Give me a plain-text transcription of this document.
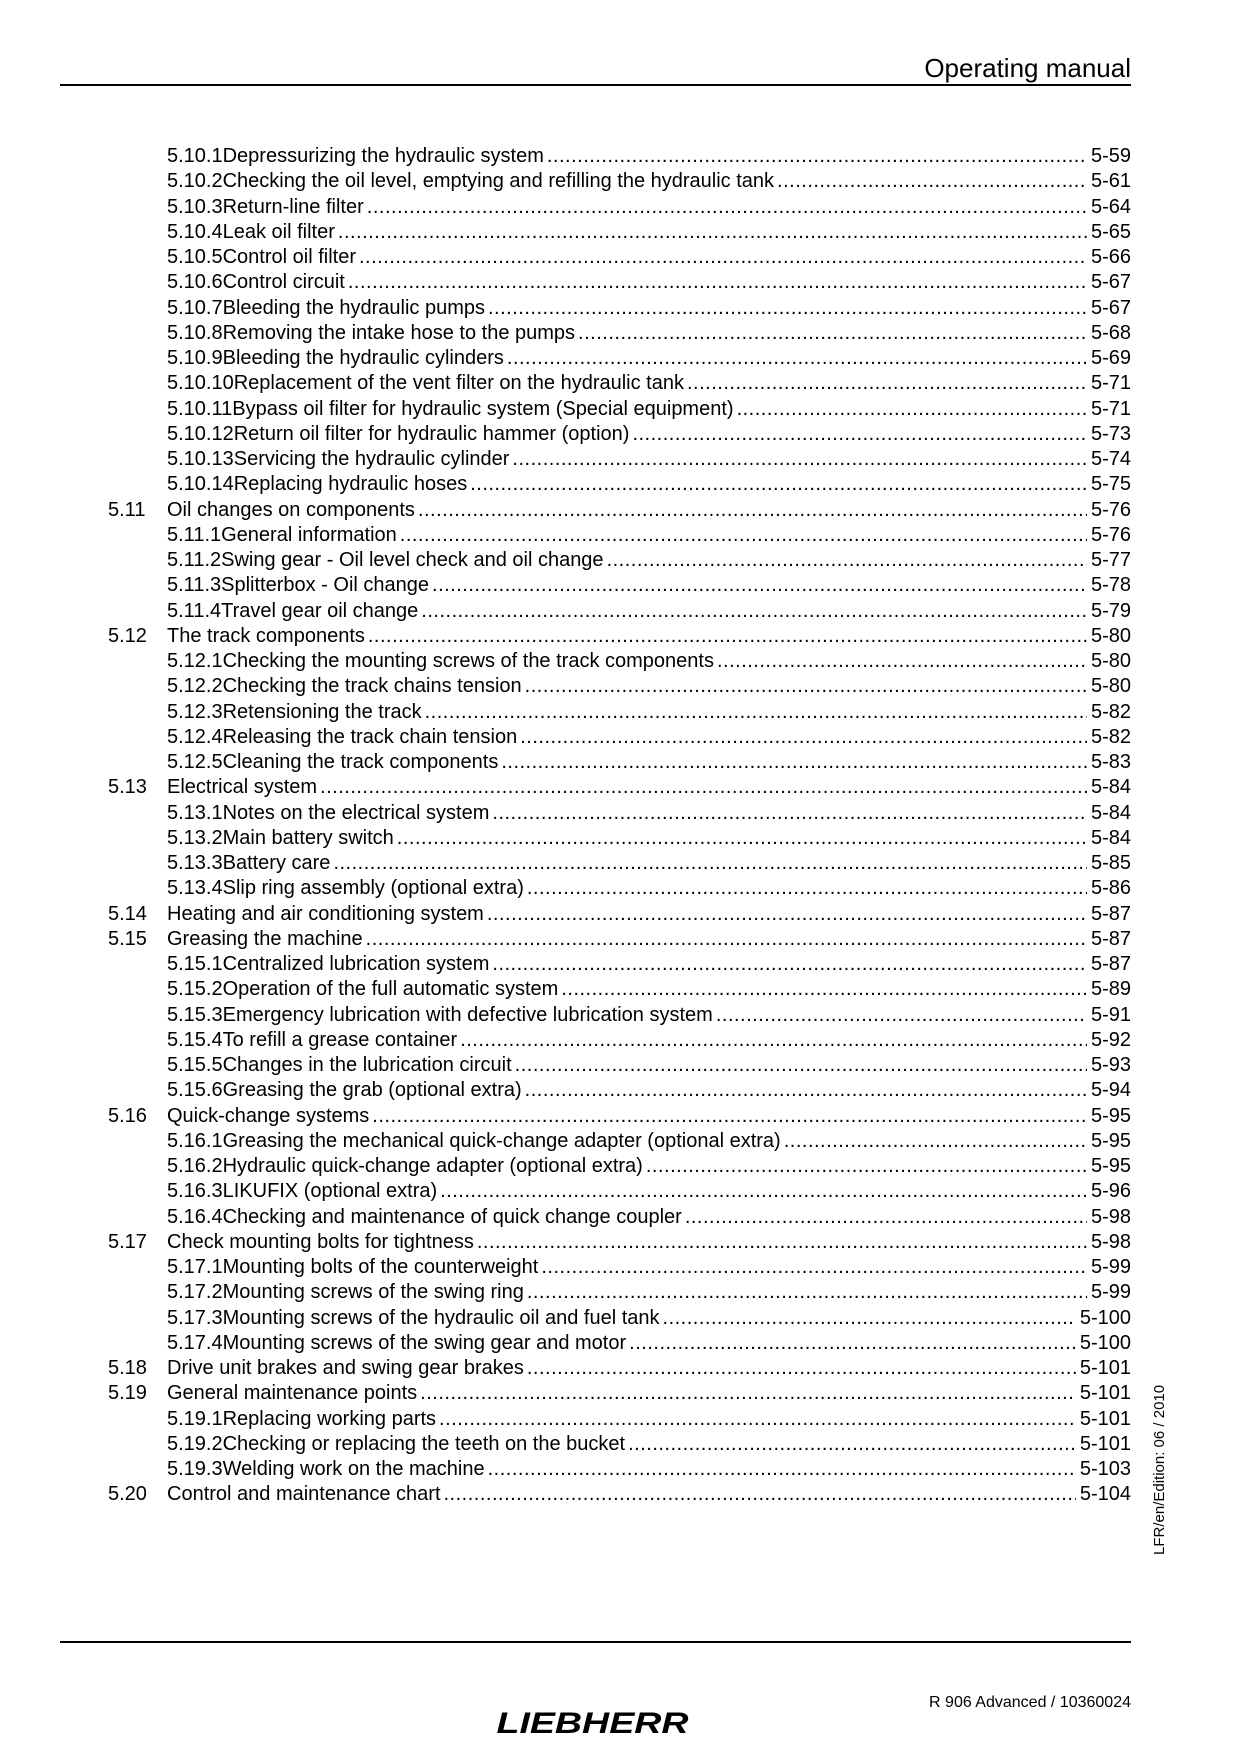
Operating manual
5.10.1 Depressurizing the hydraulic system .....	5-59
5.10.2 Checking the oil level, emptying and refilling the hydraulic tank .....	5-61
5.10.3 Return-line filter .....	5-64
5.10.4 Leak oil filter .....	5-65
5.10.5 Control oil filter .....	5-66
5.10.6 Control circuit .....	5-67
5.10.7 Bleeding the hydraulic pumps .....	5-67
5.10.8 Removing the intake hose to the pumps .....	5-68
5.10.9 Bleeding the hydraulic cylinders .....	5-69
5.10.10 Replacement of the vent filter on the hydraulic tank .....	5-71
5.10.11 Bypass oil filter for hydraulic system (Special equipment) .....	5-71
5.10.12 Return oil filter for hydraulic hammer (option) .....	5-73
5.10.13 Servicing the hydraulic cylinder .....	5-74
5.10.14 Replacing hydraulic hoses .....	5-75
5.11	Oil changes on components .....	5-76
5.11.1 General information .....	5-76
5.11.2 Swing gear - Oil level check and oil change .....	5-77
5.11.3 Splitterbox - Oil change .....	5-78
5.11.4 Travel gear oil change .....	5-79
5.12	The track components .....	5-80
5.12.1 Checking the mounting screws of the track components .....	5-80
5.12.2 Checking the track chains tension .....	5-80
5.12.3 Retensioning the track .....	5-82
5.12.4 Releasing the track chain tension .....	5-82
5.12.5 Cleaning the track components .....	5-83
5.13	Electrical system .....	5-84
5.13.1 Notes on the electrical system .....	5-84
5.13.2 Main battery switch .....	5-84
5.13.3 Battery care .....	5-85
5.13.4 Slip ring assembly (optional extra) .....	5-86
5.14	Heating and air conditioning system .....	5-87
5.15	Greasing the machine .....	5-87
5.15.1 Centralized lubrication system .....	5-87
5.15.2 Operation of the full automatic system .....	5-89
5.15.3 Emergency lubrication with defective lubrication system .....	5-91
5.15.4 To refill a grease container .....	5-92
5.15.5 Changes in the lubrication circuit .....	5-93
5.15.6 Greasing the grab (optional extra) .....	5-94
5.16	Quick-change systems .....	5-95
5.16.1 Greasing the mechanical quick-change adapter (optional extra) .....	5-95
5.16.2 Hydraulic quick-change adapter (optional extra) .....	5-95
5.16.3 LIKUFIX (optional extra) .....	5-96
5.16.4 Checking and maintenance of quick change coupler .....	5-98
5.17	Check mounting bolts for tightness .....	5-98
5.17.1 Mounting bolts of the counterweight .....	5-99
5.17.2 Mounting screws of the swing ring .....	5-99
5.17.3 Mounting screws of the hydraulic oil and fuel tank .....	5-100
5.17.4 Mounting screws of the swing gear and motor .....	5-100
5.18	Drive unit brakes and swing gear brakes .....	5-101
5.19	General maintenance points .....	5-101
5.19.1 Replacing working parts .....	5-101
5.19.2 Checking or replacing the teeth on the bucket .....	5-101
5.19.3 Welding work on the machine .....	5-103
5.20	Control and maintenance chart .....	5-104 LFR/en/Edition: 06 / 2010
R 906 Advanced / 10360024
LIEBHERR
